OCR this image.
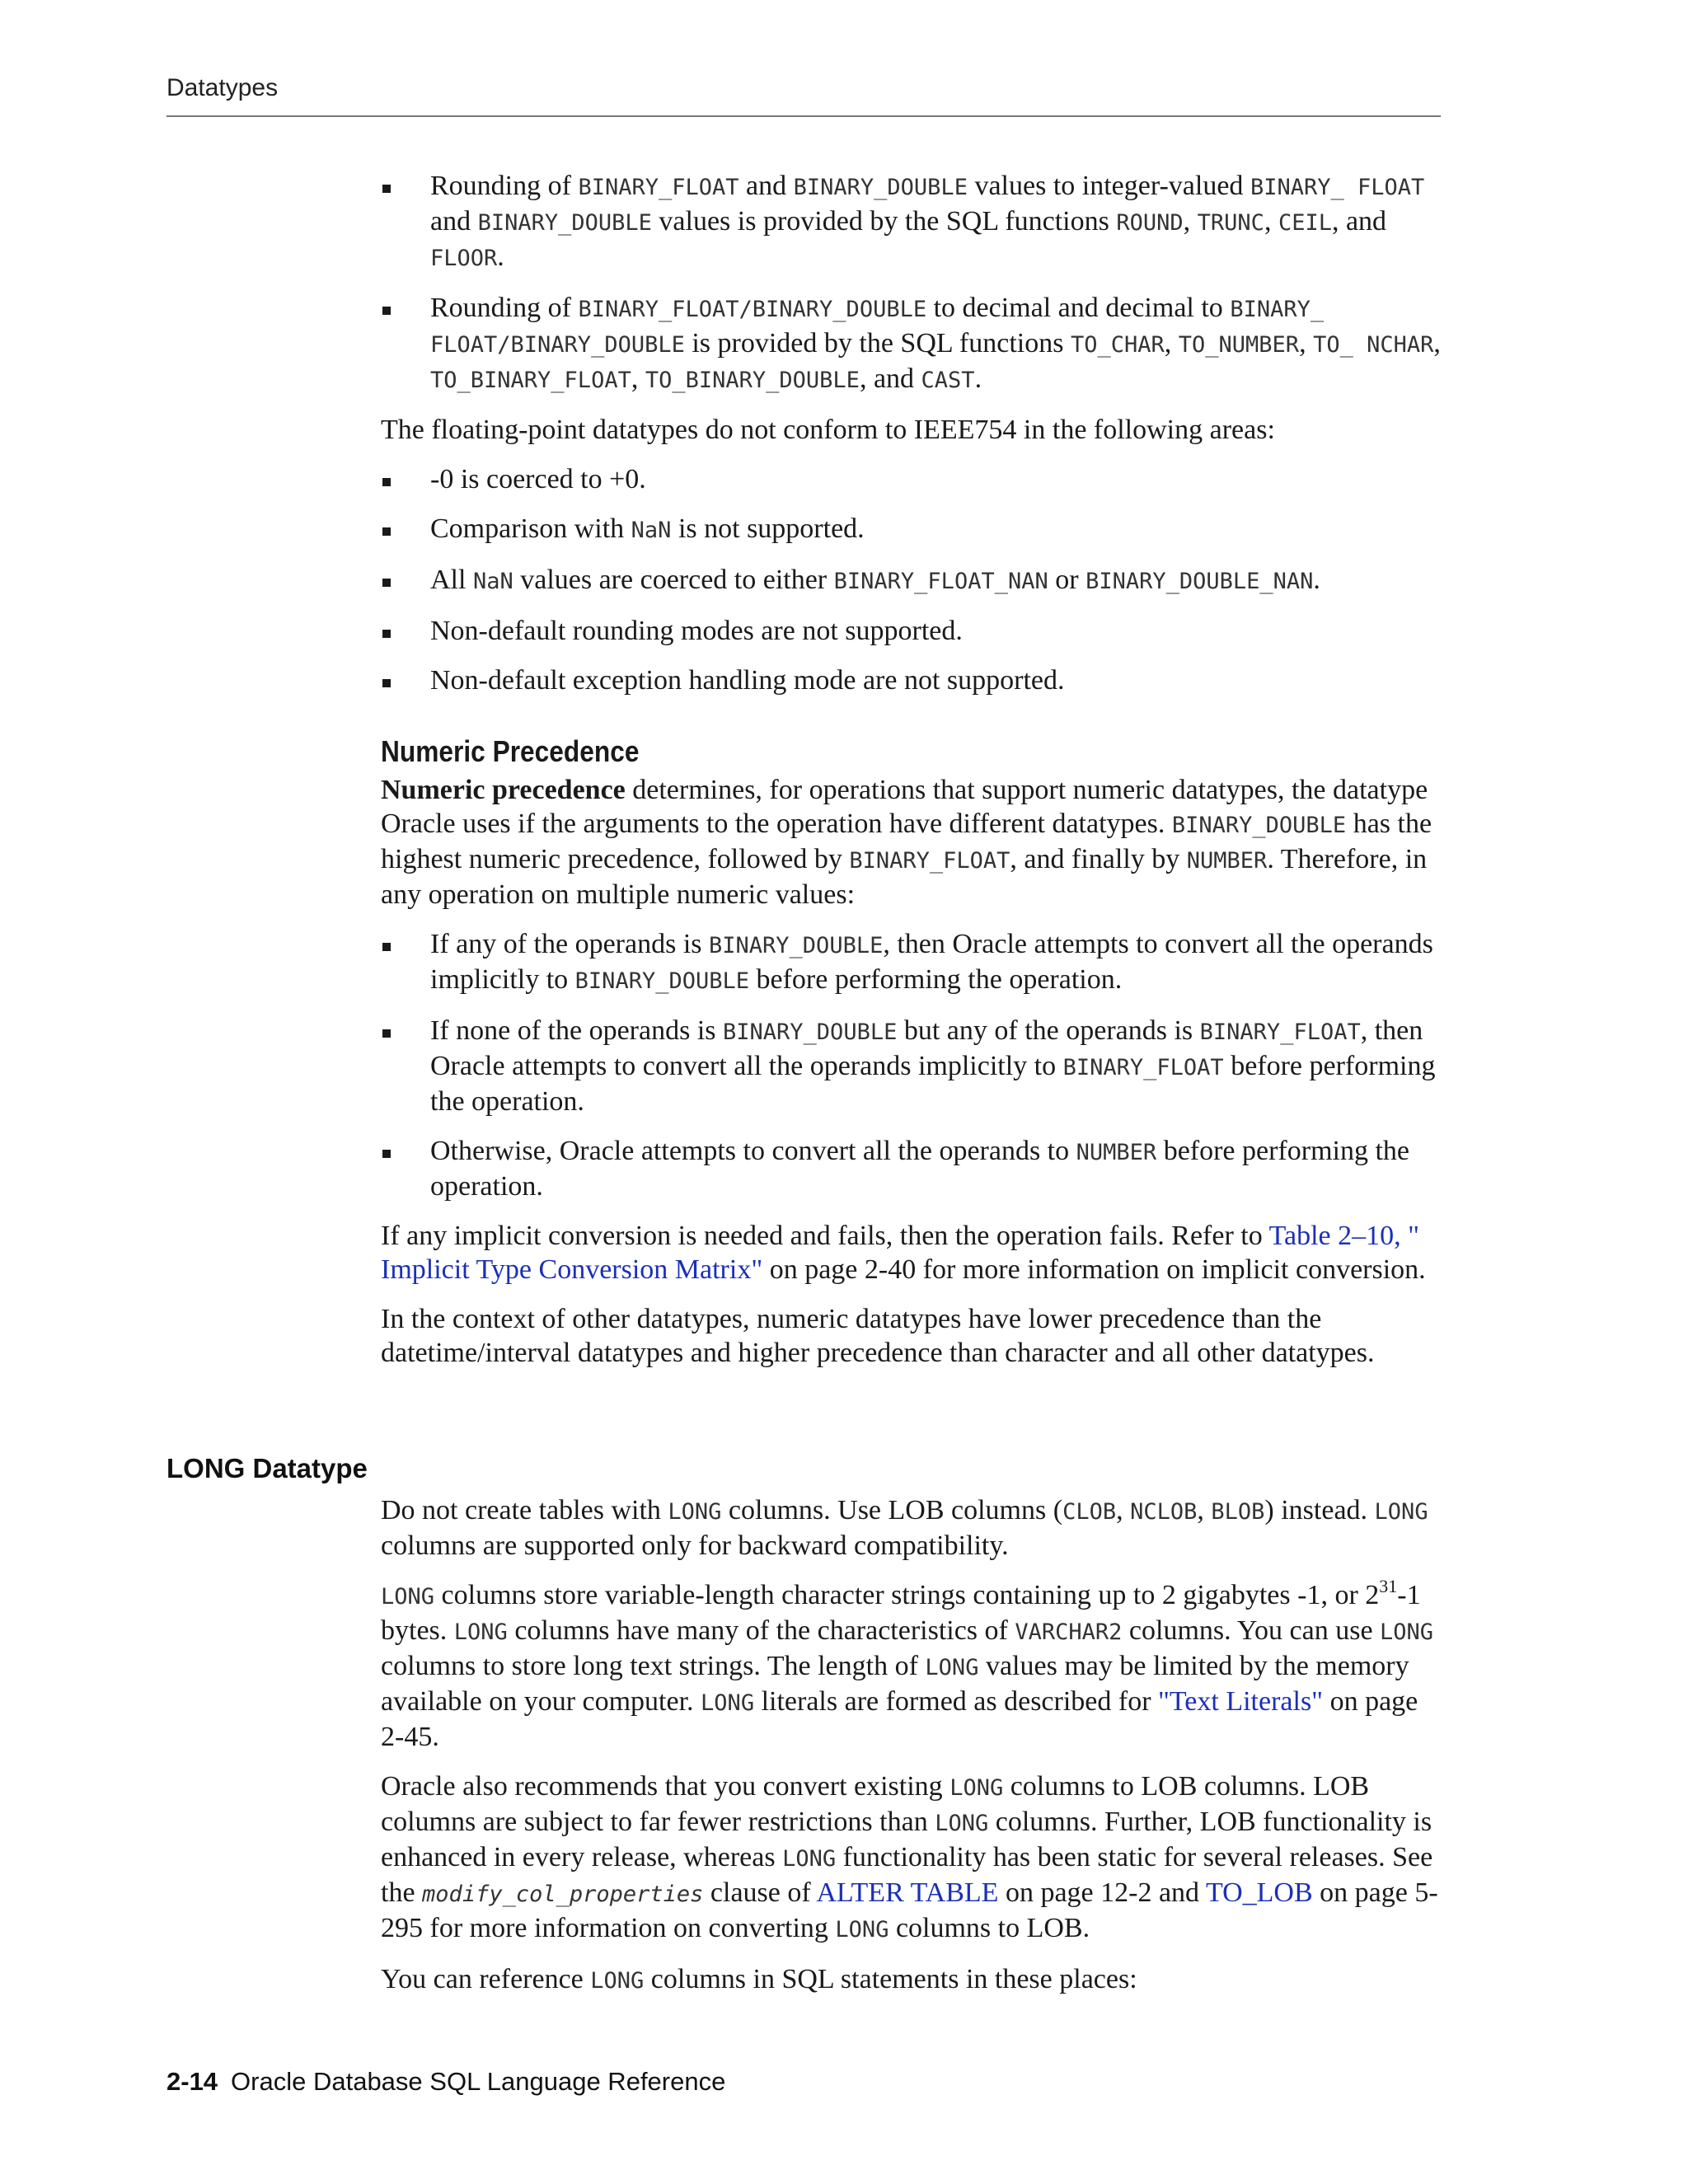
Datatypes
Rounding of BINARY_FLOAT and BINARY_DOUBLE values to integer-valued BINARY_ FLOAT and BINARY_DOUBLE values is provided by the SQL functions ROUND, TRUNC, CEIL, and FLOOR.
Rounding of BINARY_FLOAT/BINARY_DOUBLE to decimal and decimal to BINARY_ FLOAT/BINARY_DOUBLE is provided by the SQL functions TO_CHAR, TO_NUMBER, TO_ NCHAR, TO_BINARY_FLOAT, TO_BINARY_DOUBLE, and CAST.

The floating-point datatypes do not conform to IEEE754 in the following areas:

-0 is coerced to +0.
Comparison with NaN is not supported.
All NaN values are coerced to either BINARY_FLOAT_NAN or BINARY_DOUBLE_NAN.
Non-default rounding modes are not supported.
Non-default exception handling mode are not supported.
Numeric Precedence

Numeric precedence determines, for operations that support numeric datatypes, the datatype Oracle uses if the arguments to the operation have different datatypes. BINARY_DOUBLE has the highest numeric precedence, followed by BINARY_FLOAT, and finally by NUMBER. Therefore, in any operation on multiple numeric values:

If any of the operands is BINARY_DOUBLE, then Oracle attempts to convert all the operands implicitly to BINARY_DOUBLE before performing the operation.
If none of the operands is BINARY_DOUBLE but any of the operands is BINARY_FLOAT, then Oracle attempts to convert all the operands implicitly to BINARY_FLOAT before performing the operation.
Otherwise, Oracle attempts to convert all the operands to NUMBER before performing the operation.

If any implicit conversion is needed and fails, then the operation fails. Refer to Table 2–10, " Implicit Type Conversion Matrix" on page 2-40 for more information on implicit conversion.

In the context of other datatypes, numeric datatypes have lower precedence than the datetime/interval datatypes and higher precedence than character and all other datatypes.

LONG Datatype

Do not create tables with LONG columns. Use LOB columns (CLOB, NCLOB, BLOB) instead. LONG columns are supported only for backward compatibility.

LONG columns store variable-length character strings containing up to 2 gigabytes -1, or $2^{31}-1$ bytes. LONG columns have many of the characteristics of VARCHAR2 columns. You can use LONG columns to store long text strings. The length of LONG values may be limited by the memory available on your computer. LONG literals are formed as described for "Text Literals" on page 2-45.

Oracle also recommends that you convert existing LONG columns to LOB columns. LOB columns are subject to far fewer restrictions than LONG columns. Further, LOB functionality is enhanced in every release, whereas LONG functionality has been static for several releases. See the modify_col_properties clause of ALTER TABLE on page 12-2 and TO_LOB on page 5-295 for more information on converting LONG columns to LOB.

You can reference LONG columns in SQL statements in these places:

2-14 Oracle Database SQL Language Reference
